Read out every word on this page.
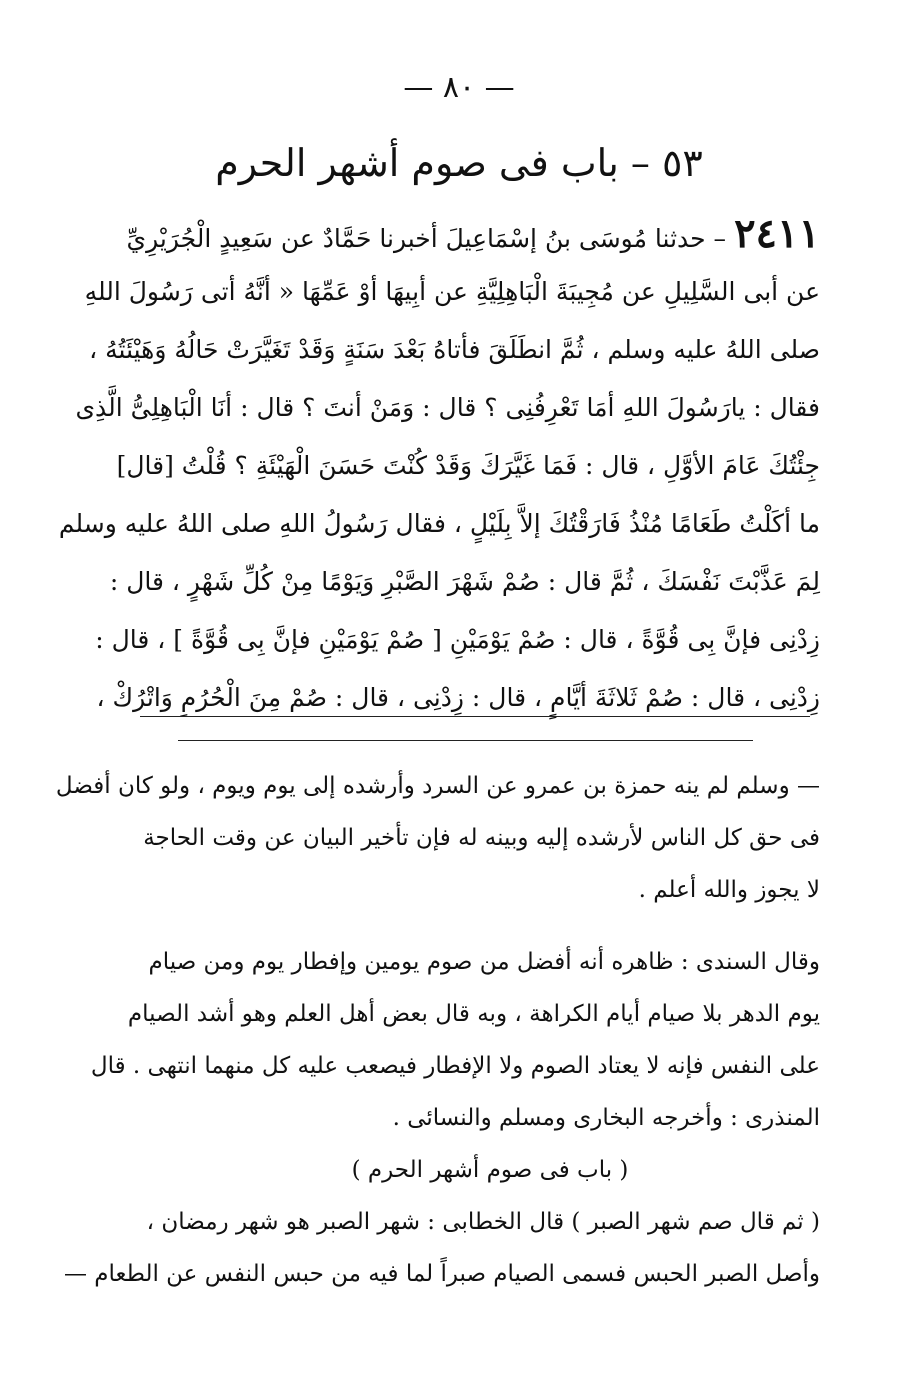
— ٨٠ —
٥٣ – باب فى صوم أشهر الحرم
٢٤١١– حدثنا مُوسَى بنُ إسْمَاعِيلَ أخبرنا حَمَّادٌ عن سَعِيدٍ الْجُرَيْرِيِّ
عن أبى السَّلِيلِ عن مُجِيبَةَ الْبَاهِلِيَّةِ عن أبِيهَا أوْ عَمِّهَا « أنَّهُ أتى رَسُولَ اللهِ
صلى اللهُ عليه وسلم ، ثُمَّ انطَلَقَ فأتاهُ بَعْدَ سَنَةٍ وَقَدْ تَغَيَّرَتْ حَالُهُ وَهَيْئَتُهُ ،
فقال : يارَسُولَ اللهِ أمَا تَعْرِفُنِى ؟ قال : وَمَنْ أنتَ ؟ قال : أنَا الْبَاهِلِىُّ الَّذِى
جِئْتُكَ عَامَ الأوَّلِ ، قال : فَمَا غَيَّرَكَ وَقَدْ كُنْتَ حَسَنَ الْهَيْئَةِ ؟ قُلْتُ [قال]
ما أكَلْتُ طَعَامًا مُنْذُ فَارَقْتُكَ إلاَّ بِلَيْلٍ ، فقال رَسُولُ اللهِ صلى اللهُ عليه وسلم
لِمَ عَذَّبْتَ نَفْسَكَ ، ثُمَّ قال : صُمْ شَهْرَ الصَّبْرِ وَيَوْمًا مِنْ كُلِّ شَهْرٍ ، قال :
زِدْنِى فإنَّ بِى قُوَّةً ، قال : صُمْ يَوْمَيْنِ [ صُمْ يَوْمَيْنِ فإنَّ بِى قُوَّةً ] ، قال :
زِدْنِى ، قال : صُمْ ثَلاثَةَ أيَّامٍ ، قال : زِدْنِى ، قال : صُمْ مِنَ الْحُرُمِ وَاتْرُكْ ،
— وسلم لم ينه حمزة بن عمرو عن السرد وأرشده إلى يوم ويوم ، ولو كان أفضل
فى حق كل الناس لأرشده إليه وبينه له فإن تأخير البيان عن وقت الحاجة
لا يجوز والله أعلم .
وقال السندى : ظاهره أنه أفضل من صوم يومين وإفطار يوم ومن صيام
يوم الدهر بلا صيام أيام الكراهة ، وبه قال بعض أهل العلم وهو أشد الصيام
على النفس فإنه لا يعتاد الصوم ولا الإفطار فيصعب عليه كل منهما انتهى . قال
المنذرى : وأخرجه البخارى ومسلم والنسائى .
( باب فى صوم أشهر الحرم )
( ثم قال صم شهر الصبر ) قال الخطابى : شهر الصبر هو شهر رمضان ،
وأصل الصبر الحبس فسمى الصيام صبراً لما فيه من حبس النفس عن الطعام —
